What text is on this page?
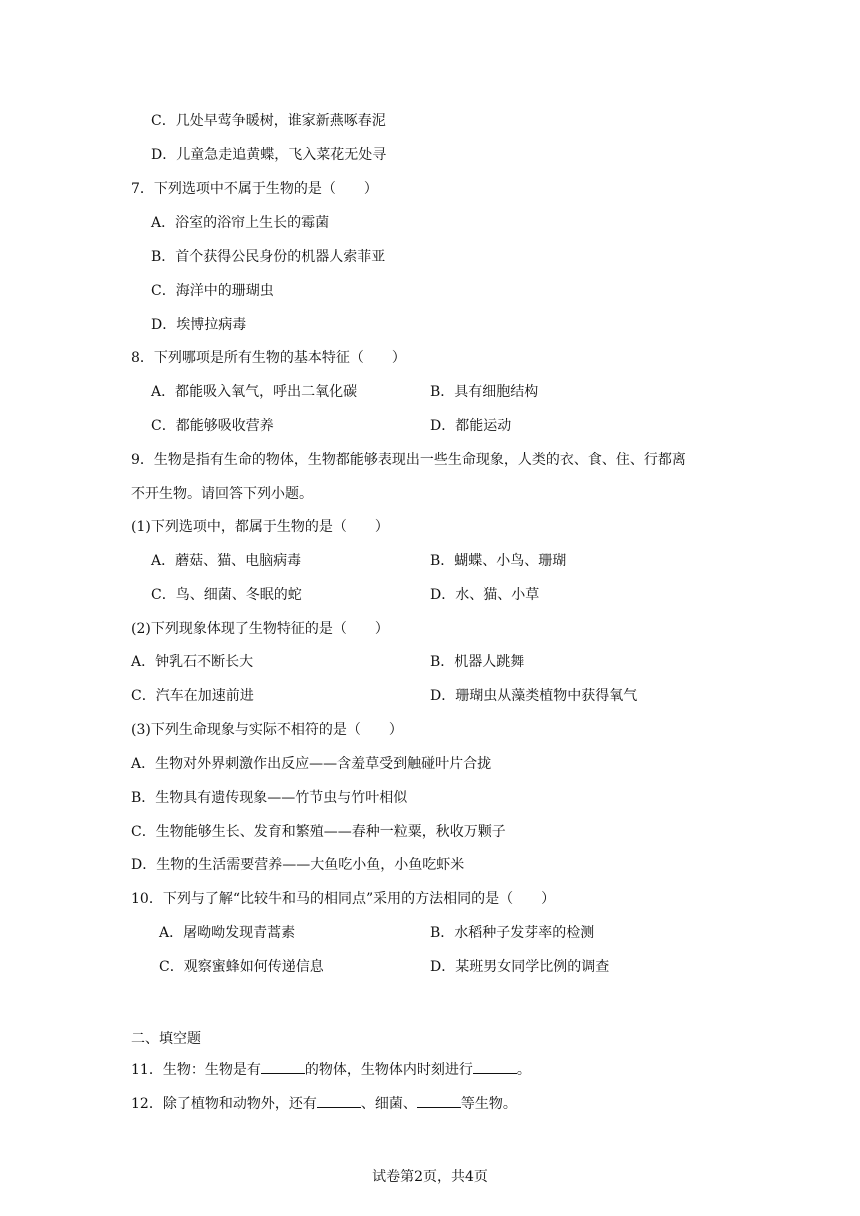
C．几处早莺争暖树，谁家新燕啄春泥
D．儿童急走追黄蝶，飞入菜花无处寻
7．下列选项中不属于生物的是（　　）
A．浴室的浴帘上生长的霉菌
B．首个获得公民身份的机器人索菲亚
C．海洋中的珊瑚虫
D．埃博拉病毒
8．下列哪项是所有生物的基本特征（　　）
A．都能吸入氧气，呼出二氧化碳	B．具有细胞结构
C．都能够吸收营养	D．都能运动
9．生物是指有生命的物体，生物都能够表现出一些生命现象，人类的衣、食、住、行都离
不开生物。请回答下列小题。
(1)下列选项中，都属于生物的是（　　）
A．蘑菇、猫、电脑病毒	B．蝴蝶、小鸟、珊瑚
C．鸟、细菌、冬眠的蛇	D．水、猫、小草
(2)下列现象体现了生物特征的是（　　）
A．钟乳石不断长大	B．机器人跳舞
C．汽车在加速前进	D．珊瑚虫从藻类植物中获得氧气
(3)下列生命现象与实际不相符的是（　　）
A．生物对外界刺激作出反应——含羞草受到触碰叶片合拢
B．生物具有遗传现象——竹节虫与竹叶相似
C．生物能够生长、发育和繁殖——春种一粒粟，秋收万颗子
D．生物的生活需要营养——大鱼吃小鱼，小鱼吃虾米
10．下列与了解“比较牛和马的相同点”采用的方法相同的是（　　）
A．屠呦呦发现青蒿素	B．水稻种子发芽率的检测
C．观察蜜蜂如何传递信息	D．某班男女同学比例的调查
二、填空题
11．生物：生物是有	的物体，生物体内时刻进行	。
12．除了植物和动物外，还有	、细菌、	等生物。
试卷第2页，共4页
